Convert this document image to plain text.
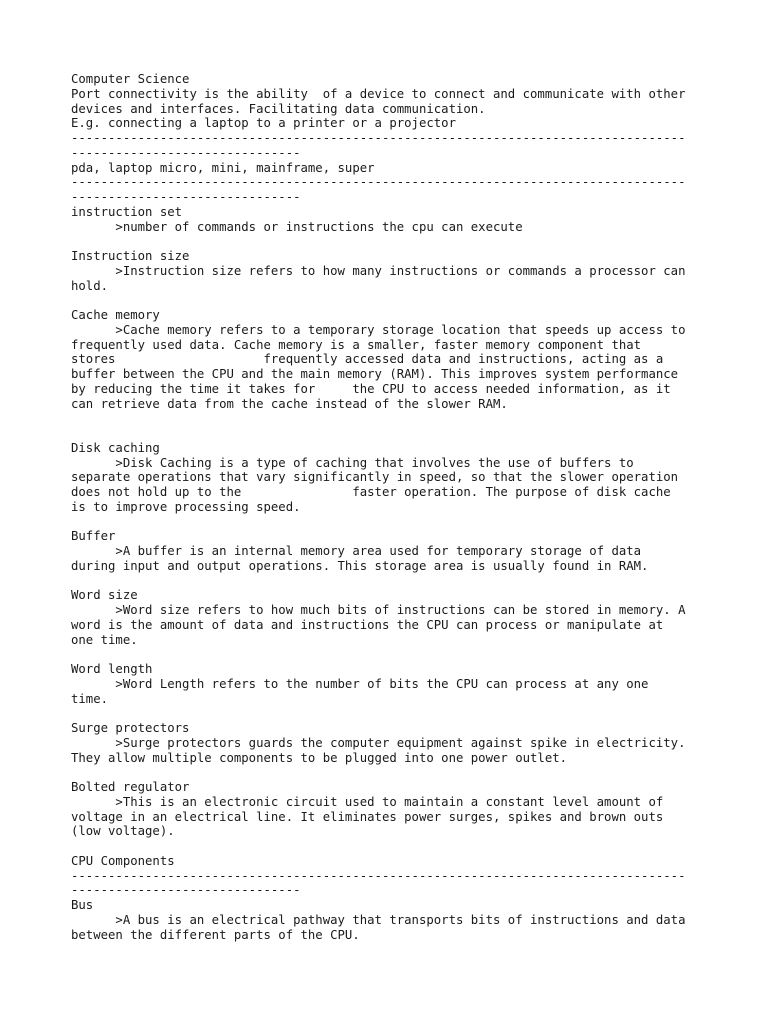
Computer Science
Port connectivity is the ability  of a device to connect and communicate with other
devices and interfaces. Facilitating data communication.
E.g. connecting a laptop to a printer or a projector
-----------------------------------------------------------------------------------
-------------------------------
pda, laptop micro, mini, mainframe, super
-----------------------------------------------------------------------------------
-------------------------------
instruction set
>number of commands or instructions the cpu can execute
Instruction size
>Instruction size refers to how many instructions or commands a processor can
hold.
Cache memory
>Cache memory refers to a temporary storage location that speeds up access to
frequently used data. Cache memory is a smaller, faster memory component that
stores                    frequently accessed data and instructions, acting as a
buffer between the CPU and the main memory (RAM). This improves system performance
by reducing the time it takes for     the CPU to access needed information, as it
can retrieve data from the cache instead of the slower RAM.
Disk caching
>Disk Caching is a type of caching that involves the use of buffers to
separate operations that vary significantly in speed, so that the slower operation
does not hold up to the               faster operation. The purpose of disk cache
is to improve processing speed.
Buffer
>A buffer is an internal memory area used for temporary storage of data
during input and output operations. This storage area is usually found in RAM.
Word size
>Word size refers to how much bits of instructions can be stored in memory. A
word is the amount of data and instructions the CPU can process or manipulate at
one time.
Word length
>Word Length refers to the number of bits the CPU can process at any one
time.
Surge protectors
>Surge protectors guards the computer equipment against spike in electricity.
They allow multiple components to be plugged into one power outlet.
Bolted regulator
>This is an electronic circuit used to maintain a constant level amount of
voltage in an electrical line. It eliminates power surges, spikes and brown outs
(low voltage).
CPU Components
-----------------------------------------------------------------------------------
-------------------------------
Bus
>A bus is an electrical pathway that transports bits of instructions and data
between the different parts of the CPU.
